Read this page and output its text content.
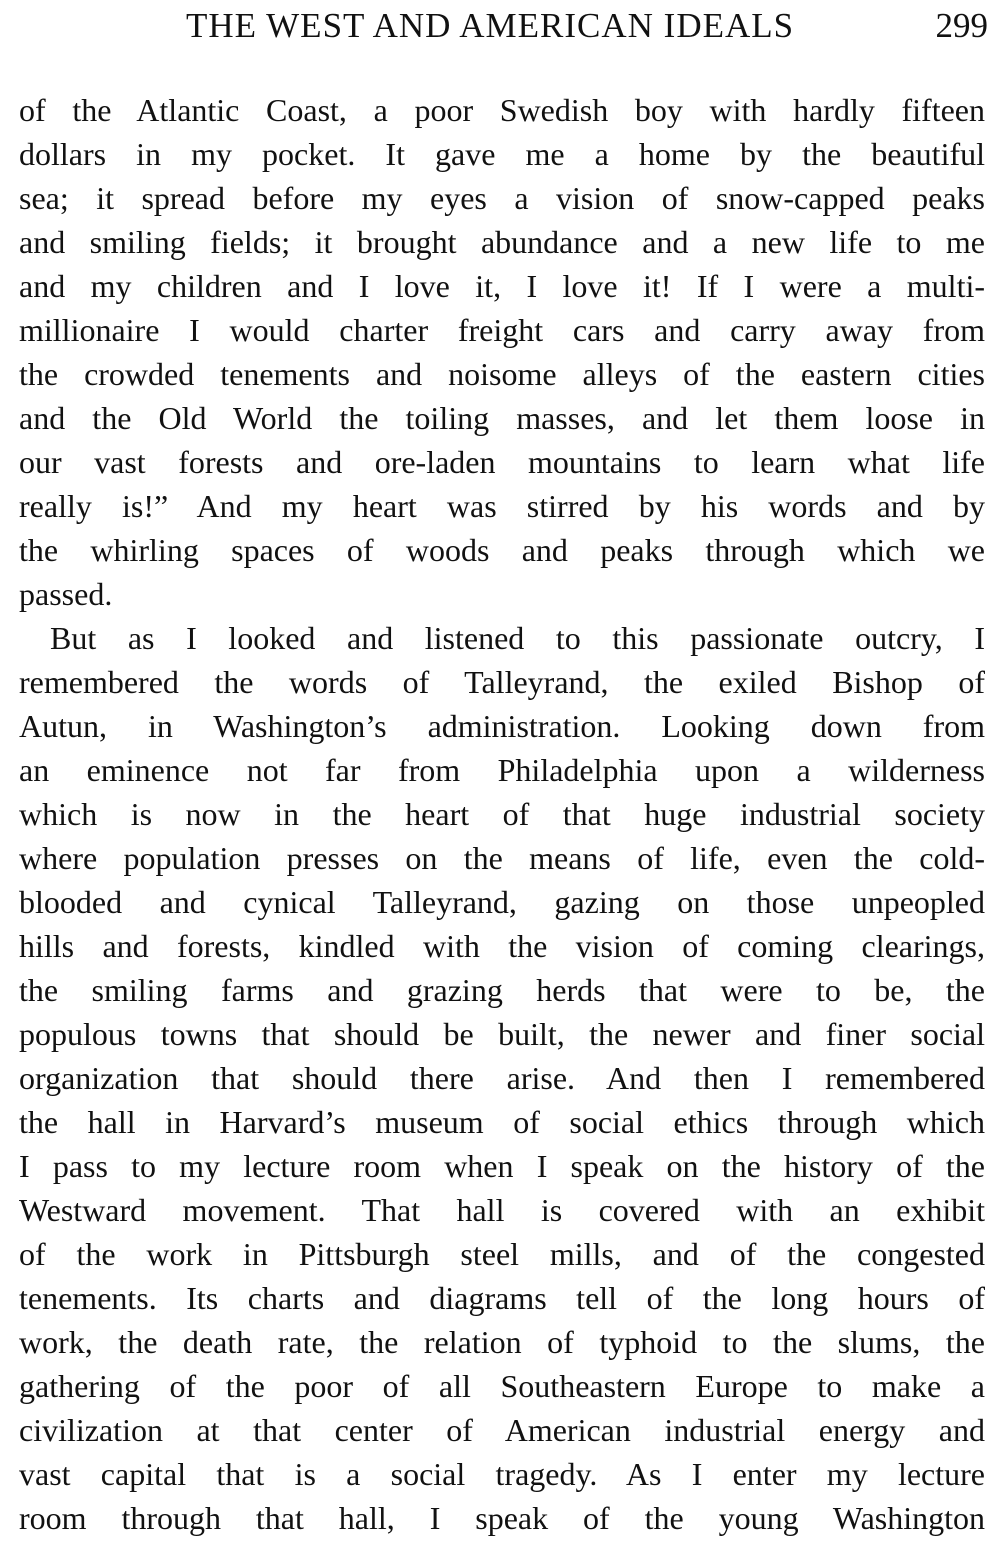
THE WEST AND AMERICAN IDEALS	299
of the Atlantic Coast, a poor Swedish boy with hardly fifteen
dollars in my pocket. It gave me a home by the beautiful
sea; it spread before my eyes a vision of snow-capped peaks
and smiling fields; it brought abundance and a new life to me
and my children and I love it, I love it! If I were a multi-
millionaire I would charter freight cars and carry away from
the crowded tenements and noisome alleys of the eastern cities
and the Old World the toiling masses, and let them loose in
our vast forests and ore-laden mountains to learn what life
really is!” And my heart was stirred by his words and by
the whirling spaces of woods and peaks through which we
passed.
But as I looked and listened to this passionate outcry, I
remembered the words of Talleyrand, the exiled Bishop of
Autun, in Washington’s administration. Looking down from
an eminence not far from Philadelphia upon a wilderness
which is now in the heart of that huge industrial society
where population presses on the means of life, even the cold-
blooded and cynical Talleyrand, gazing on those unpeopled
hills and forests, kindled with the vision of coming clearings,
the smiling farms and grazing herds that were to be, the
populous towns that should be built, the newer and finer social
organization that should there arise. And then I remembered
the hall in Harvard’s museum of social ethics through which
I pass to my lecture room when I speak on the history of the
Westward movement. That hall is covered with an exhibit
of the work in Pittsburgh steel mills, and of the congested
tenements. Its charts and diagrams tell of the long hours of
work, the death rate, the relation of typhoid to the slums, the
gathering of the poor of all Southeastern Europe to make a
civilization at that center of American industrial energy and
vast capital that is a social tragedy. As I enter my lecture
room through that hall, I speak of the young Washington
